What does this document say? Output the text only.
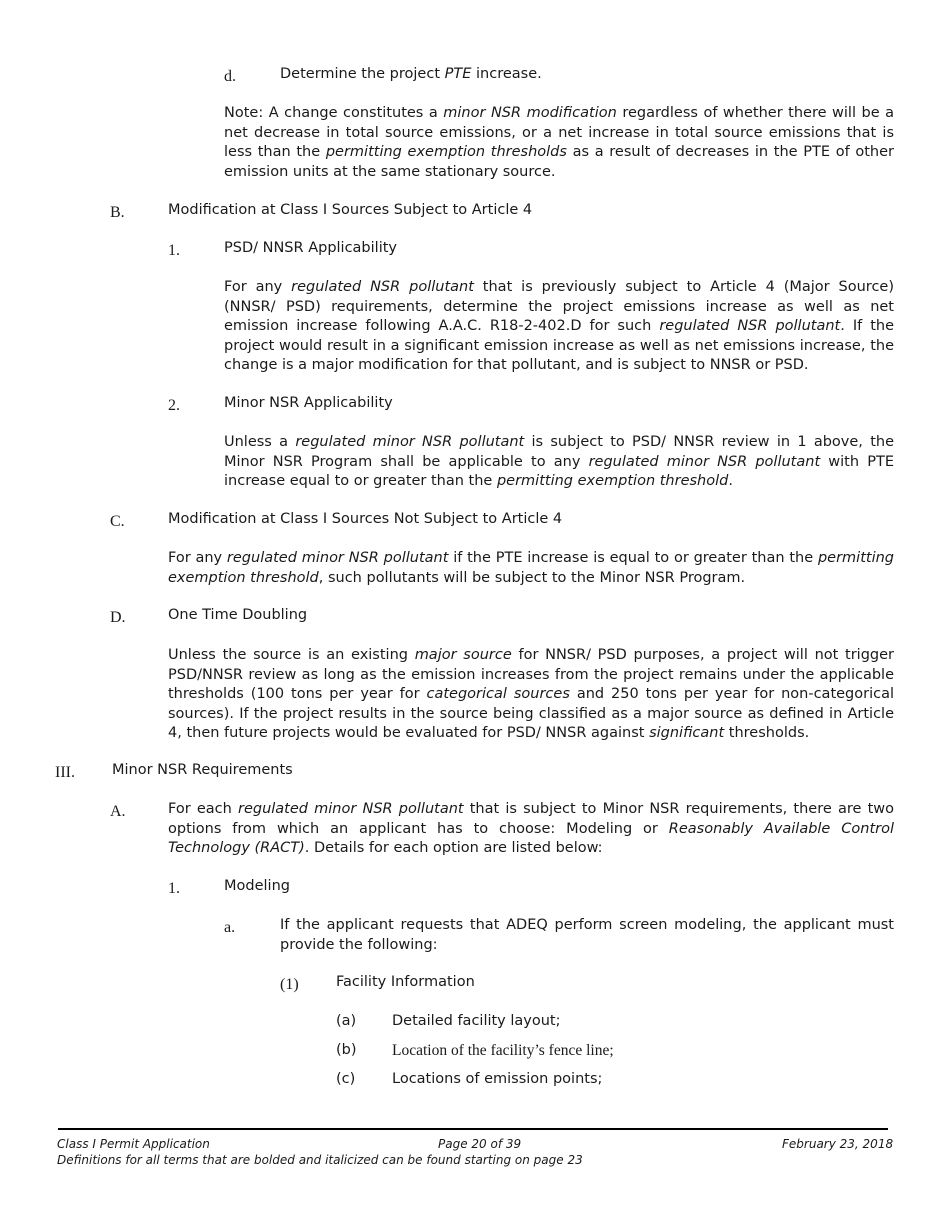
d.	Determine the project PTE increase.
Note: A change constitutes a minor NSR modification regardless of whether there will be a net decrease in total source emissions, or a net increase in total source emissions that is less than the permitting exemption thresholds as a result of decreases in the PTE of other emission units at the same stationary source.
B.	Modification at Class I Sources Subject to Article 4
1.	PSD/ NNSR Applicability
For any regulated NSR pollutant that is previously subject to Article 4 (Major Source) (NNSR/ PSD) requirements, determine the project emissions increase as well as net emission increase following A.A.C. R18-2-402.D for such regulated NSR pollutant. If the project would result in a significant emission increase as well as net emissions increase, the change is a major modification for that pollutant, and is subject to NNSR or PSD.
2.	Minor NSR Applicability
Unless a regulated minor NSR pollutant is subject to PSD/ NNSR review in 1 above, the Minor NSR Program shall be applicable to any regulated minor NSR pollutant with PTE increase equal to or greater than the permitting exemption threshold.
C.	Modification at Class I Sources Not Subject to Article 4
For any regulated minor NSR pollutant if the PTE increase is equal to or greater than the permitting exemption threshold, such pollutants will be subject to the Minor NSR Program.
D.	One Time Doubling
Unless the source is an existing major source for NNSR/ PSD purposes, a project will not trigger PSD/NNSR review as long as the emission increases from the project remains under the applicable thresholds (100 tons per year for categorical sources and 250 tons per year for non-categorical sources). If the project results in the source being classified as a major source as defined in Article 4, then future projects would be evaluated for PSD/ NNSR against significant thresholds.
III.	Minor NSR Requirements
A.	For each regulated minor NSR pollutant that is subject to Minor NSR requirements, there are two options from which an applicant has to choose: Modeling or Reasonably Available Control Technology (RACT). Details for each option are listed below:
1.	Modeling
a.	If the applicant requests that ADEQ perform screen modeling, the applicant must provide the following:
(1)	Facility Information
(a) Detailed facility layout;
(b) Location of the facility’s fence line;
(c)	Locations of emission points;
Class I Permit Application	Page 20 of 39	February 23, 2018
Definitions for all terms that are bolded and italicized can be found starting on page 23
